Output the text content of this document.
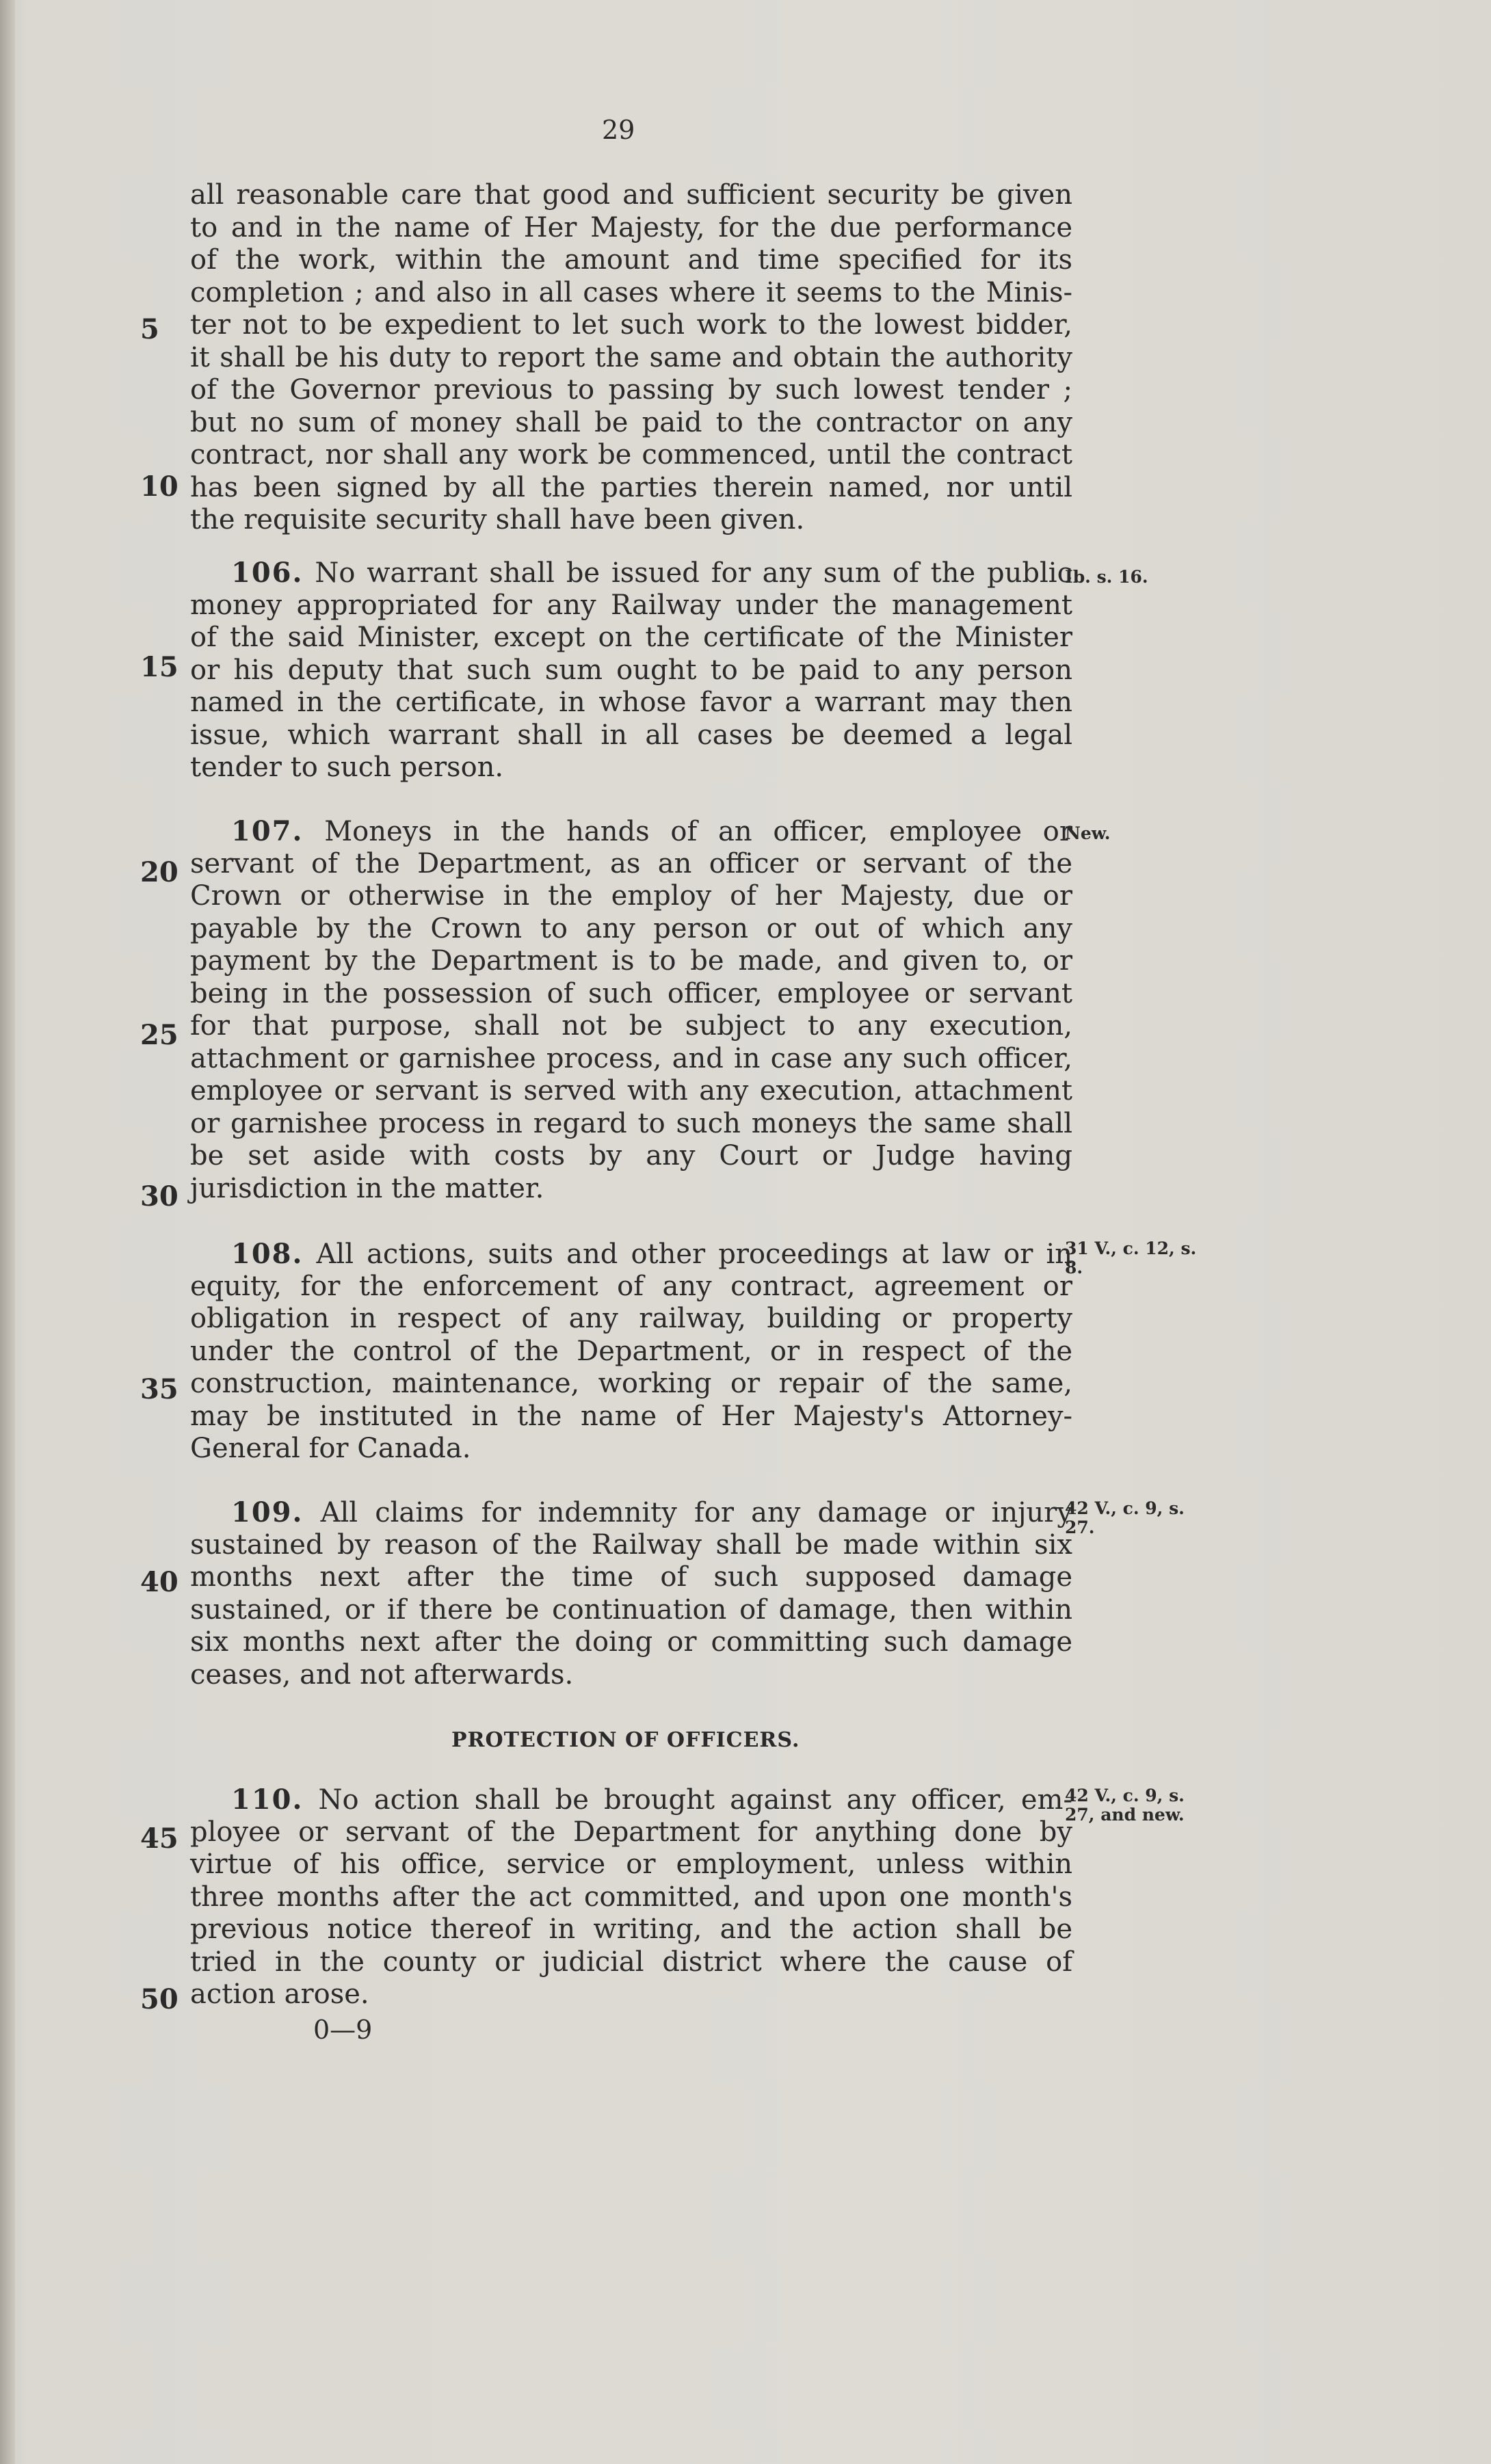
29
5
10
15
20
25
30
35
40
45
50
all reasonable care that good and sufficient security be given
to and in the name of Her Majesty, for the due performance
of the work, within the amount and time specified for its
completion ; and also in all cases where it seems to the Minis-
ter not to be expedient to let such work to the lowest bidder,
it shall be his duty to report the same and obtain the authority
of the Governor previous to passing by such lowest tender ;
but no sum of money shall be paid to the contractor on any
contract, nor shall any work be commenced, until the contract
has been signed by all the parties therein named, nor until
the requisite security shall have been given.
Ib. s. 16.
106. No warrant shall be issued for any sum of the public
money appropriated for any Railway under the management
of the said Minister, except on the certificate of the Minister
or his deputy that such sum ought to be paid to any person
named in the certificate, in whose favor a warrant may then
issue, which warrant shall in all cases be deemed a legal
tender to such person.
New.
107. Moneys in the hands of an officer, employee or
servant of the Department, as an officer or servant of the
Crown or otherwise in the employ of her Majesty, due or
payable by the Crown to any person or out of which any
payment by the Department is to be made, and given to, or
being in the possession of such officer, employee or servant
for that purpose, shall not be subject to any execution,
attachment or garnishee process, and in case any such officer,
employee or servant is served with any execution, attachment
or garnishee process in regard to such moneys the same shall
be set aside with costs by any Court or Judge having
jurisdiction in the matter.
31 V., c. 12, s. 8.
108. All actions, suits and other proceedings at law or in
equity, for the enforcement of any contract, agreement or
obligation in respect of any railway, building or property
under the control of the Department, or in respect of the
construction, maintenance, working or repair of the same,
may be instituted in the name of Her Majesty's Attorney-
General for Canada.
42 V., c. 9, s. 27.
109. All claims for indemnity for any damage or injury
sustained by reason of the Railway shall be made within six
months next after the time of such supposed damage
sustained, or if there be continuation of damage, then within
six months next after the doing or committing such damage
ceases, and not afterwards.
PROTECTION OF OFFICERS.
42 V., c. 9, s. 27, and new.
110. No action shall be brought against any officer, em-
ployee or servant of the Department for anything done by
virtue of his office, service or employment, unless within
three months after the act committed, and upon one month's
previous notice thereof in writing, and the action shall be
tried in the county or judicial district where the cause of
action arose.
0—9
